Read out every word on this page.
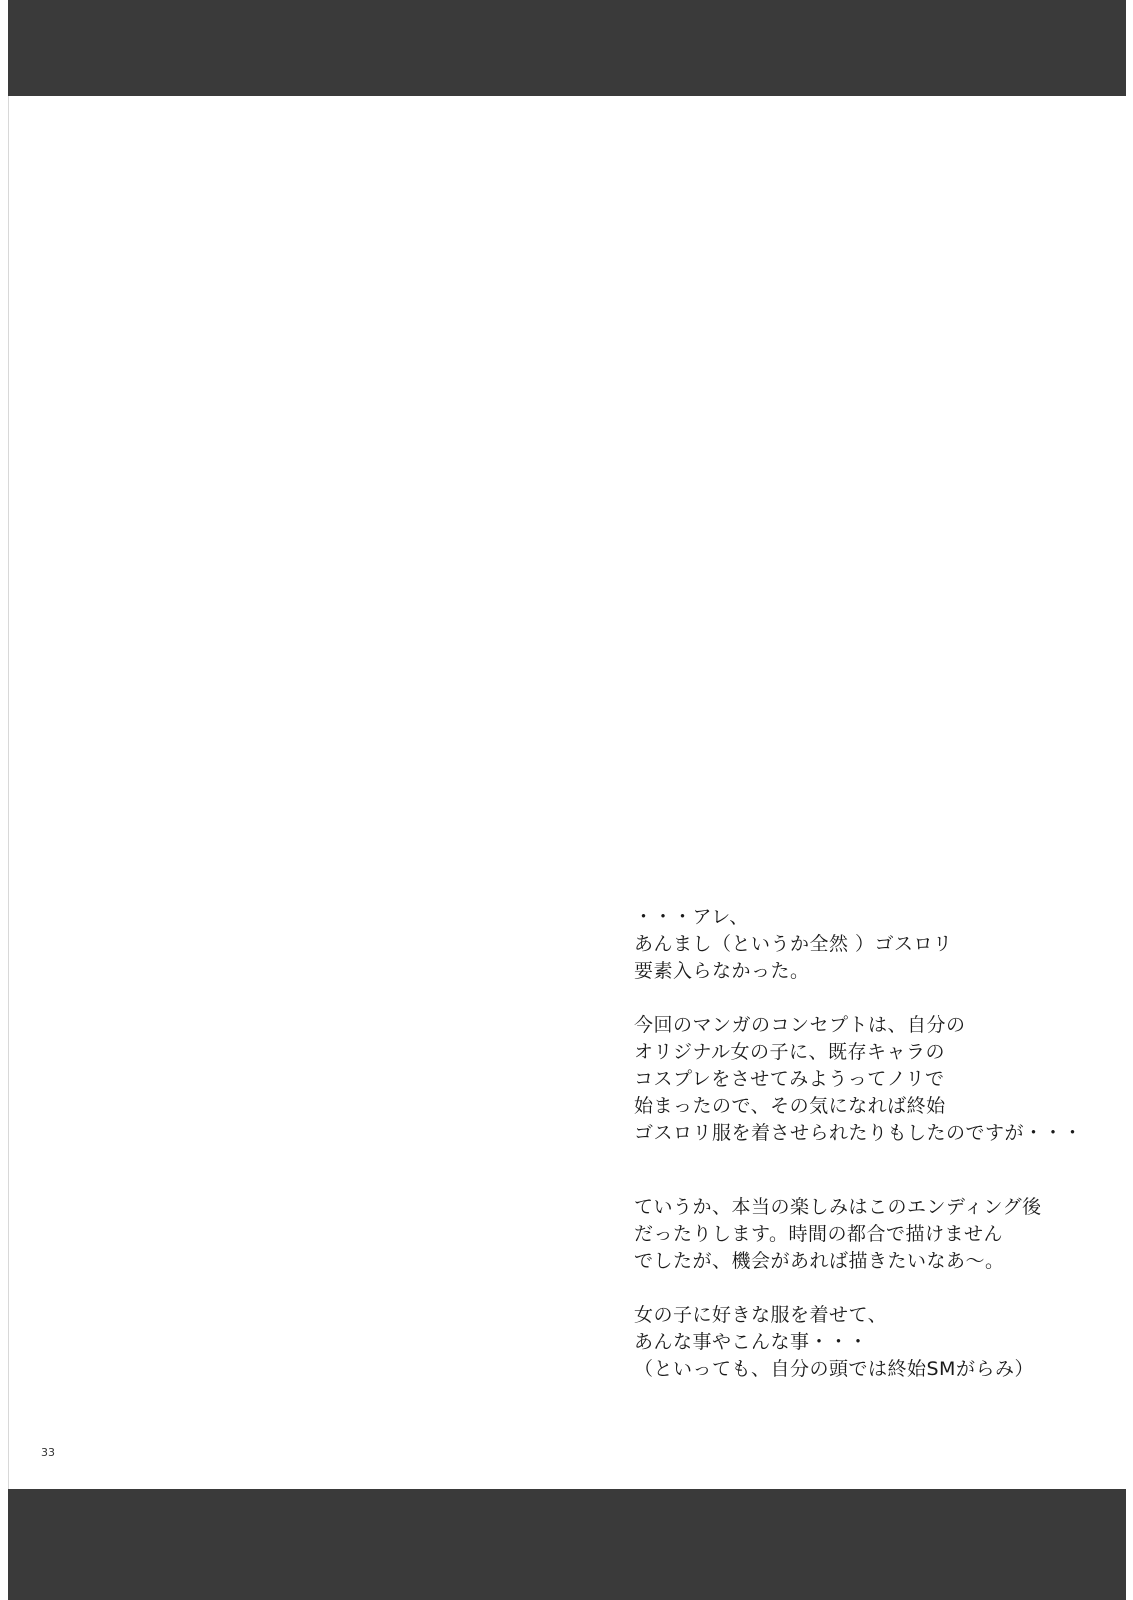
・・・アレ、
あんまし（というか全然 ）ゴスロリ
要素入らなかった。

今回のマンガのコンセプトは、自分の
オリジナル女の子に、既存キャラの
コスプレをさせてみようってノリで
始まったので、その気になれば終始
ゴスロリ服を着させられたりもしたのですが・・・

ていうか、本当の楽しみはこのエンディング後
だったりします。時間の都合で描けません
でしたが、機会があれば描きたいなあ〜。

女の子に好きな服を着せて、
あんな事やこんな事・・・
（といっても、自分の頭では終始SMがらみ）

33
